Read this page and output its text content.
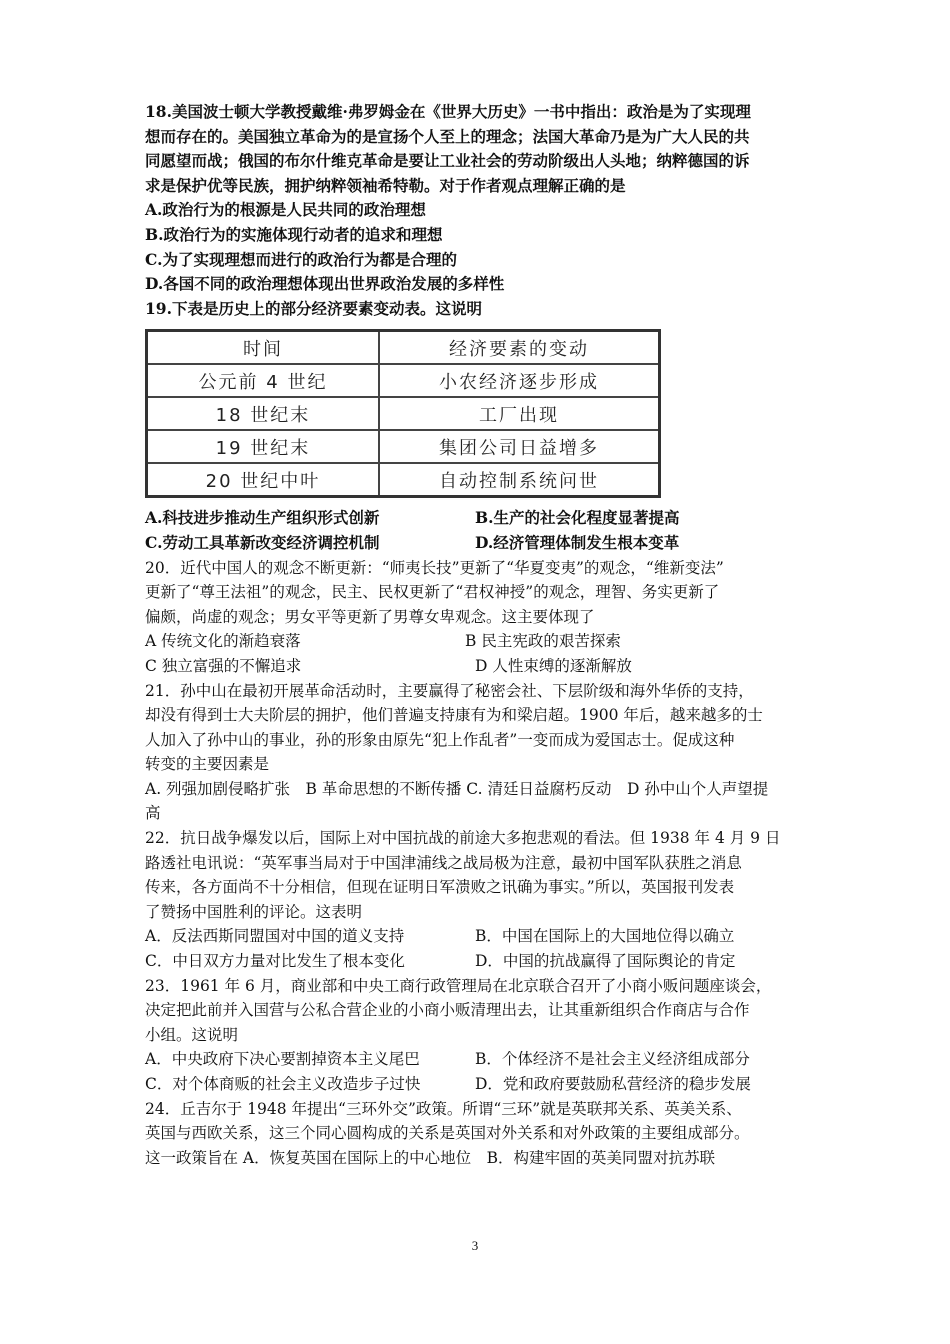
18.美国波士顿大学教授戴维·弗罗姆金在《世界大历史》一书中指出：政治是为了实现理
想而存在的。美国独立革命为的是宣扬个人至上的理念；法国大革命乃是为广大人民的共
同愿望而战；俄国的布尔什维克革命是要让工业社会的劳动阶级出人头地；纳粹德国的诉
求是保护优等民族，拥护纳粹领袖希特勒。对于作者观点理解正确的是
A.政治行为的根源是人民共同的政治理想
B.政治行为的实施体现行动者的追求和理想
C.为了实现理想而进行的政治行为都是合理的
D.各国不同的政治理想体现出世界政治发展的多样性
19.下表是历史上的部分经济要素变动表。这说明
时间	经济要素的变动
公元前 4 世纪	小农经济逐步形成
18 世纪末	工厂出现
19 世纪末	集团公司日益增多
20 世纪中叶	自动控制系统问世
A.科技进步推动生产组织形式创新	B.生产的社会化程度显著提高
C.劳动工具革新改变经济调控机制	D.经济管理体制发生根本变革
20．近代中国人的观念不断更新：“师夷长技”更新了“华夏变夷”的观念，“维新变法”
更新了“尊王法祖”的观念，民主、民权更新了“君权神授”的观念，理智、务实更新了
偏颇，尚虚的观念；男女平等更新了男尊女卑观念。这主要体现了
A 传统文化的渐趋衰落	B 民主宪政的艰苦探索
C 独立富强的不懈追求	D 人性束缚的逐渐解放
21．孙中山在最初开展革命活动时，主要赢得了秘密会社、下层阶级和海外华侨的支持，
却没有得到士大夫阶层的拥护，他们普遍支持康有为和梁启超。1900 年后，越来越多的士
人加入了孙中山的事业，孙的形象由原先“犯上作乱者”一变而成为爱国志士。促成这种
转变的主要因素是
A. 列强加剧侵略扩张　B 革命思想的不断传播 C. 清廷日益腐朽反动　D 孙中山个人声望提
高
22．抗日战争爆发以后，国际上对中国抗战的前途大多抱悲观的看法。但 1938 年 4 月 9 日
路透社电讯说：“英军事当局对于中国津浦线之战局极为注意，最初中国军队获胜之消息
传来，各方面尚不十分相信，但现在证明日军溃败之讯确为事实。”所以，英国报刊发表
了赞扬中国胜利的评论。这表明
A．反法西斯同盟国对中国的道义支持	B．中国在国际上的大国地位得以确立
C．中日双方力量对比发生了根本变化	D．中国的抗战赢得了国际舆论的肯定
23．1961 年 6 月，商业部和中央工商行政管理局在北京联合召开了小商小贩问题座谈会，
决定把此前并入国营与公私合营企业的小商小贩清理出去，让其重新组织合作商店与合作
小组。这说明
A．中央政府下决心要割掉资本主义尾巴	B．个体经济不是社会主义经济组成部分
C．对个体商贩的社会主义改造步子过快	D．党和政府要鼓励私营经济的稳步发展
24．丘吉尔于 1948 年提出“三环外交”政策。所谓“三环”就是英联邦关系、英美关系、
英国与西欧关系，这三个同心圆构成的关系是英国对外关系和对外政策的主要组成部分。
这一政策旨在 A．恢复英国在国际上的中心地位　B．构建牢固的英美同盟对抗苏联
3
